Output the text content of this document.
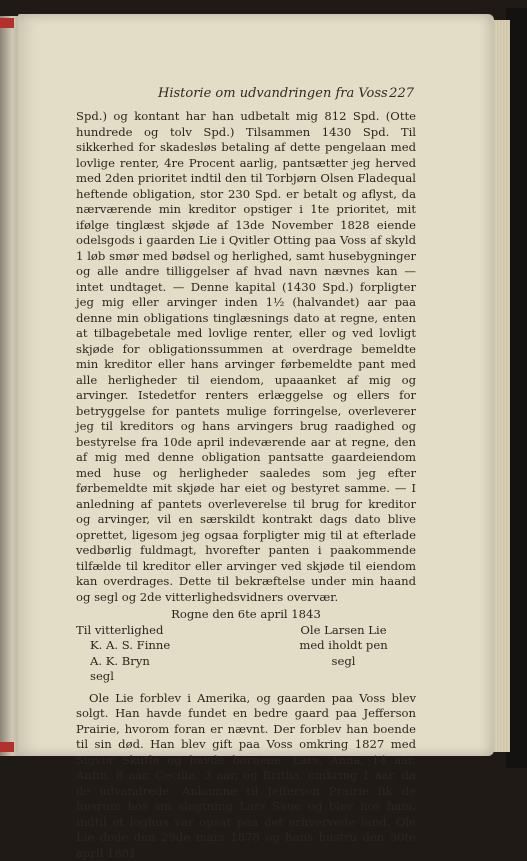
Historie om udvandringen fra Voss 227

Spd.) og kontant har han udbetalt mig 812 Spd. (Otte hundrede og tolv Spd.) Tilsammen 1430 Spd. Til sikkerhed for skadesløs betaling af dette pengelaan med lovlige renter, 4re Procent aarlig, pantsætter jeg herved med 2den prioritet indtil den til Torbjørn Olsen Fladequal heftende obligation, stor 230 Spd. er betalt og aflyst, da nærværende min kreditor opstiger i 1te prioritet, mit ifølge tinglæst skjøde af 13de November 1828 eiende odelsgods i gaarden Lie i Qvitler Otting paa Voss af skyld 1 løb smør med bødsel og herlighed, samt husebygninger og alle andre tilliggelser af hvad navn nævnes kan — intet undtaget. — Denne kapital (1430 Spd.) forpligter jeg mig eller arvinger inden 1½ (halvandet) aar paa denne min obligations tinglæsnings dato at regne, enten at tilbagebetale med lovlige renter, eller og ved lovligt skjøde for obligationssummen at overdrage bemeldte min kreditor eller hans arvinger førbemeldte pant med alle herligheder til eiendom, upaaanket af mig og arvinger. Istedetfor renters erlæggelse og ellers for betryggelse for pantets mulige forringelse, overleverer jeg til kreditors og hans arvingers brug raadighed og bestyrelse fra 10de april indeværende aar at regne, den af mig med denne obligation pantsatte gaardeiendom med huse og herligheder saaledes som jeg efter førbemeldte mit skjøde har eiet og bestyret samme. — I anledning af pantets overleverelse til brug for kreditor og arvinger, vil en særskildt kontrakt dags dato blive oprettet, ligesom jeg ogsaa forpligter mig til at efterlade vedbørlig fuldmagt, hvorefter panten i paakommende tilfælde til kreditor eller arvinger ved skjøde til eiendom kan overdrages. Dette til bekræftelse under min haand og segl og 2de vitterlighedsvidners overvær.

Rogne den 6te april 1843
Til vitterlighed
K. A. S. Finne
A. K. Bryn
segl
Ole Larsen Lie
med iholdt pen
segl

Ole Lie forblev i Amerika, og gaarden paa Voss blev solgt. Han havde fundet en bedre gaard paa Jefferson Prairie, hvorom foran er nævnt. Der forblev han boende til sin død. Han blev gift paa Voss omkring 1827 med Sigvor Skutle og havde børnene: Lars, Anna, 14 aar, Anfin, 8 aar, Cecilia, 3 aar, og Britha, omkring 1 aar, da de udvandrede. Ankomne til Jefferson Prairie fik de husrum hos sin slegtning Lars Saue og blev hos ham, indtil et loghus var opsat paa det erhvervede land. Ole Lie døde den 29de mars 1878 og hans hustru den 30te april 1881.
